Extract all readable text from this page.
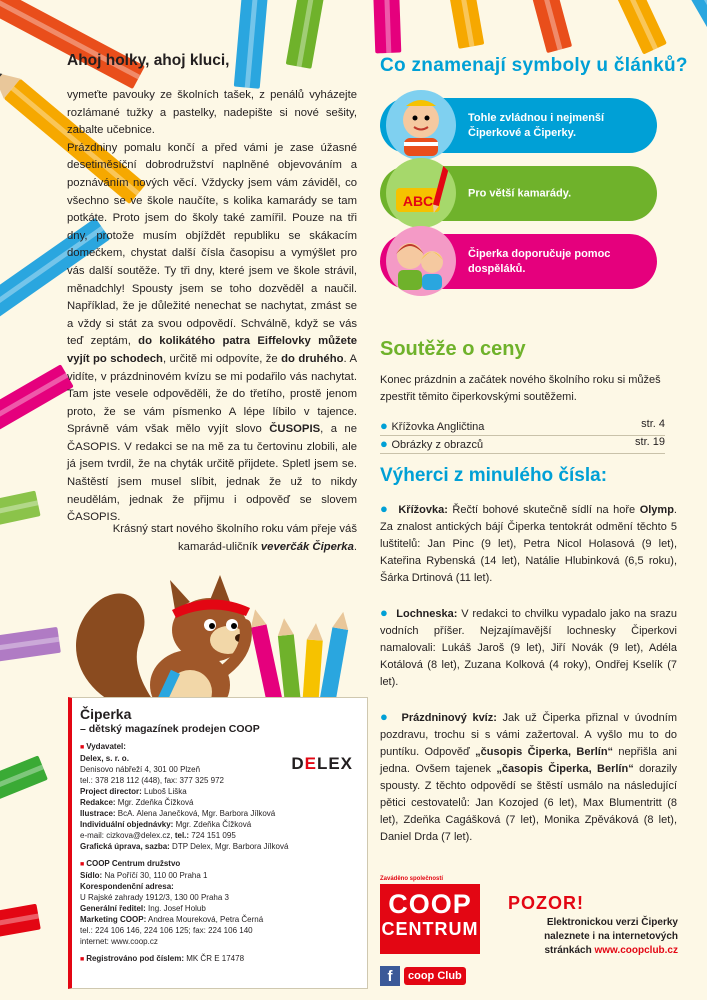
Ahoj holky, ahoj kluci,

vymeťte pavouky ze školních tašek, z penálů vyházejte rozlámané tužky a pastelky, nadepište si nové sešity, zabalte učebnice.

Prázdniny pomalu končí a před vámi je zase úžasné desetiměsíční dobrodružství naplněné objevováním a poznáváním nových věcí. Vždycky jsem vám záviděl, co všechno se ve škole naučíte, s kolika kamarády se tam potkáte. Proto jsem do školy také zamířil. Pouze na tři dny, protože musím objíždět republiku se skákacím domečkem, chystat další čísla časopisu a vymýšlet pro vás další soutěže. Ty tři dny, které jsem ve škole strávil, měnadchly! Spousty jsem se toho dozvěděl a naučil. Například, že je důležité nenechat se nachytat, zmást se a vždy si stát za svou odpovědí. Schválně, když se vás teď zeptám, do kolikátého patra Eiffelovky můžete vyjít po schodech, určitě mi odpovíte, že do druhého. A vidíte, v prázdninovém kvízu se mi podařilo vás nachytat. Tam jste vesele odpověděli, že do třetího, prostě jenom proto, že se vám písmenko A lépe líbilo v tajence. Správně vám však mělo vyjít slovo ČUSOPIS, a ne ČASOPIS. V redakci se na mě za tu čertovinu zlobili, ale já jsem tvrdil, že na chyták určitě přijdete. Spletl jsem se. Naštěstí jsem musel slíbit, jednak že už to nikdy neudělám, jednak že přijmu i odpověď se slovem ČASOPIS.

Krásný start nového školního roku vám přeje váš
kamarád-uličník veverčák Čiperka.
Čiperka
– dětský magazínek prodejen COOP
■ Vydavatel:
Delex, s. r. o.
Denisovo nábřeží 4, 301 00 Plzeň
tel.: 378 218 112 (448), fax: 377 325 972
Project director: Luboš Liška
Redakce: Mgr. Zdeňka Čížková
Ilustrace: BcA. Alena Janečková, Mgr. Barbora Jílková
Individuální objednávky: Mgr. Zdeňka Čížková
e-mail: cizkova@delex.cz, tel.: 724 151 095
Grafická úprava, sazba: DTP Delex, Mgr. Barbora Jílková
■ COOP Centrum družstvo
Sídlo: Na Poříčí 30, 110 00 Praha 1
Korespondenční adresa:
U Rajské zahrady 1912/3, 130 00 Praha 3
Generální ředitel: Ing. Josef Holub
Marketing COOP: Andrea Moureková, Petra Černá
tel.: 224 106 146, 224 106 125; fax: 224 106 140
internet: www.coop.cz
■ Registrováno pod číslem: MK ČR E 17478
DELEX
Co znamenají symboly u článků?
Tohle zvládnou i nejmenší Čiperkové a Čiperky.
ABC	Pro větší kamarády.
Čiperka doporučuje pomoc dospěláků.
Soutěže o ceny
Konec prázdnin a začátek nového školního roku si můžeš zpestřit těmito čiperkovskými soutěžemi.
● Křížovka Angličtina	str. 4
● Obrázky z obrazců	str. 19
Výherci z minulého čísla:
● Křížovka: Řečtí bohové skutečně sídlí na hoře Olymp. Za znalost antických bájí Čiperka tentokrát odmění těchto 5 luštitelů: Jan Pinc (9 let), Petra Nicol Holasová (9 let), Kateřina Rybenská (14 let), Natálie Hlubinková (6,5 roku), Šárka Drtinová (11 let).
● Lochneska: V redakci to chvilku vypadalo jako na srazu vodních příšer. Nejzajímavější lochnesky Čiperkovi namalovali: Lukáš Jaroš (9 let), Jiří Novák (9 let), Adéla Kotálová (8 let), Zuzana Kolková (4 roky), Ondřej Kselík (7 let).
● Prázdninový kvíz: Jak už Čiperka přiznal v úvodním pozdravu, trochu si s vámi zažertoval. A vyšlo mu to do puntíku. Odpověď „čusopis Čiperka, Berlín“ nepřišla ani jedna. Ovšem tajenek „časopis Čiperka, Berlín“ dorazily spousty. Z těchto odpovědí se štěstí usmálo na následující pětici cestovatelů: Jan Kozojed (6 let), Max Blumentritt (8 let), Zdeňka Cagášková (7 let), Monika Zpěváková (8 let), Daniel Drda (7 let).
Zaváděno společností
COOP
CENTRUM
f	coop Club
POZOR!
Elektronickou verzi Čiperky naleznete i na internetových stránkách www.coopclub.cz
